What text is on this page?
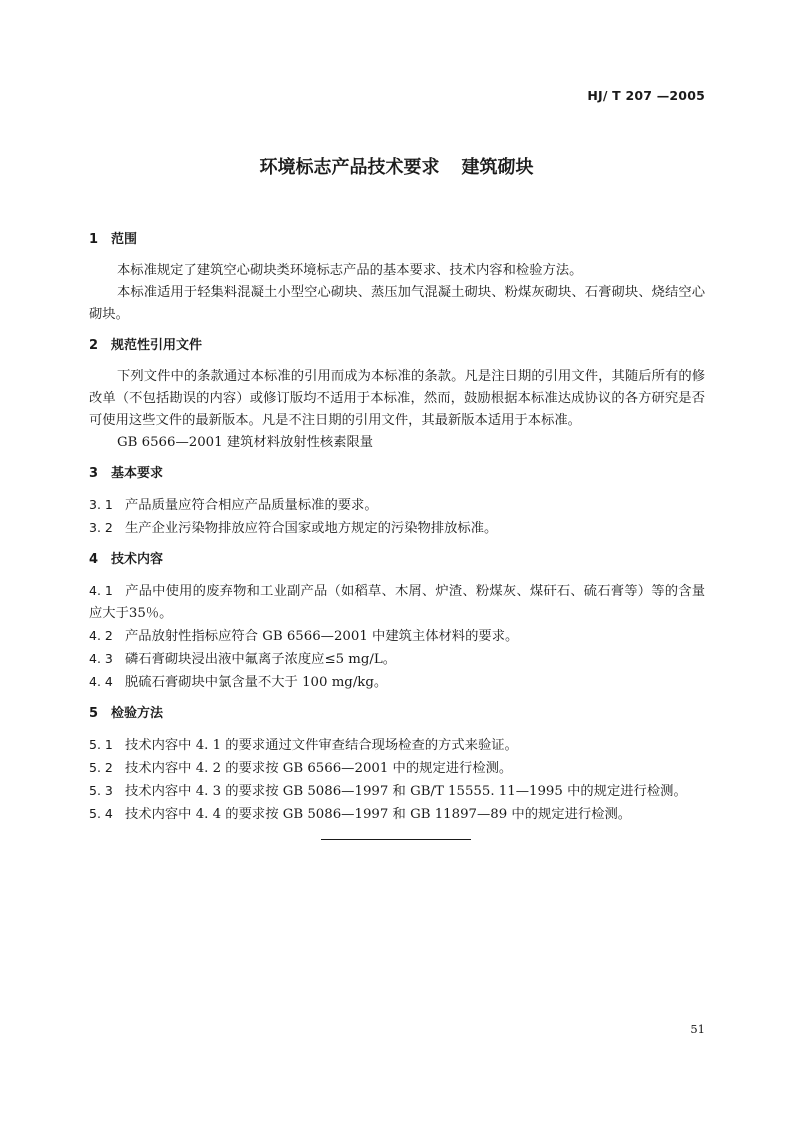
HJ/ T 207 —2005
环境标志产品技术要求 建筑砌块
1 范围
本标准规定了建筑空心砌块类环境标志产品的基本要求、技术内容和检验方法。
本标准适用于轻集料混凝土小型空心砌块、蒸压加气混凝土砌块、粉煤灰砌块、石膏砌块、烧结空心砌块。
2 规范性引用文件
下列文件中的条款通过本标准的引用而成为本标准的条款。凡是注日期的引用文件，其随后所有的修改单（不包括勘误的内容）或修订版均不适用于本标准，然而，鼓励根据本标准达成协议的各方研究是否可使用这些文件的最新版本。凡是不注日期的引用文件，其最新版本适用于本标准。
GB 6566—2001 建筑材料放射性核素限量
3 基本要求
3. 1 产品质量应符合相应产品质量标准的要求。
3. 2 生产企业污染物排放应符合国家或地方规定的污染物排放标准。
4 技术内容
4. 1 产品中使用的废弃物和工业副产品（如稻草、木屑、炉渣、粉煤灰、煤矸石、硫石膏等）等的含量应大于35％。
4. 2 产品放射性指标应符合 GB 6566—2001 中建筑主体材料的要求。
4. 3 磷石膏砌块浸出液中氟离子浓度应≤5 mg/L。
4. 4 脱硫石膏砌块中氯含量不大于 100 mg/kg。
5 检验方法
5. 1 技术内容中 4. 1 的要求通过文件审查结合现场检查的方式来验证。
5. 2 技术内容中 4. 2 的要求按 GB 6566—2001 中的规定进行检测。
5. 3 技术内容中 4. 3 的要求按 GB 5086—1997 和 GB/T 15555. 11—1995 中的规定进行检测。
5. 4 技术内容中 4. 4 的要求按 GB 5086—1997 和 GB 11897—89 中的规定进行检测。
51
